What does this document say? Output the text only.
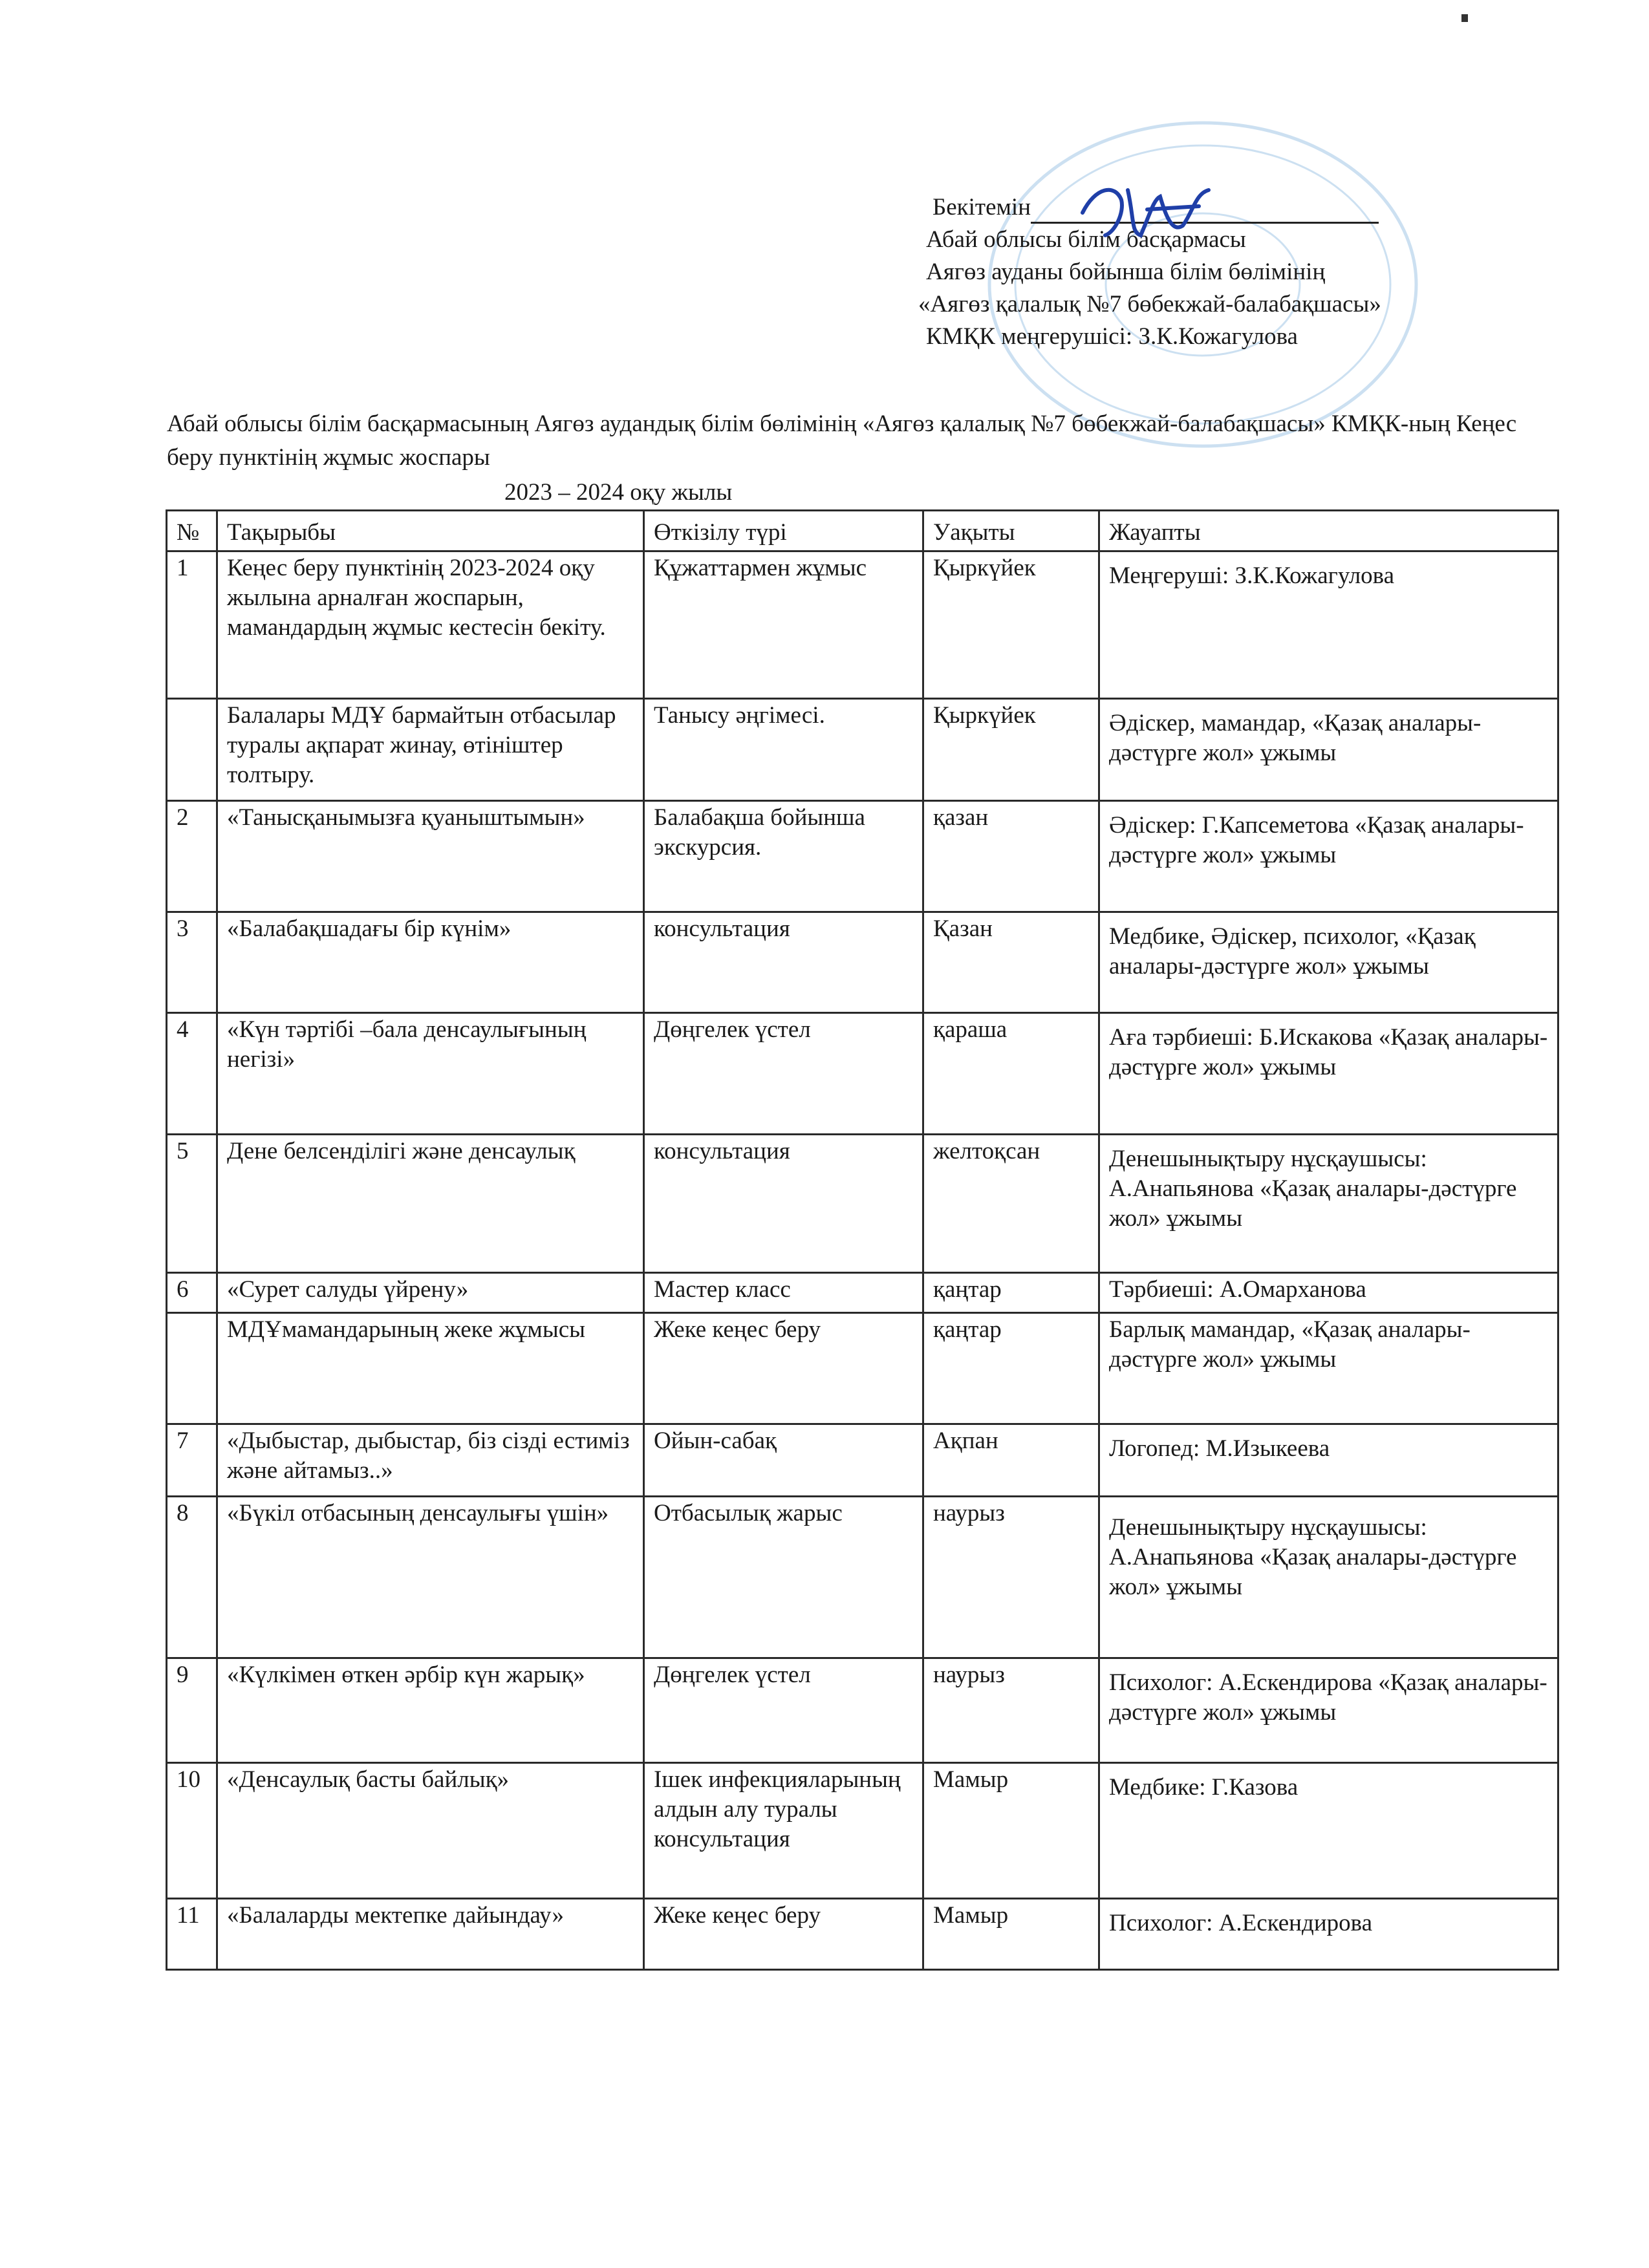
Бекітемін
Абай облысы білім басқармасы
Аягөз ауданы бойынша білім бөлімінің
«Аягөз қалалық №7 бөбекжай-балабақшасы»
КМҚК меңгерушісі: З.К.Кожагулова
Абай облысы білім басқармасының Аягөз аудандық білім бөлімінің «Аягөз қалалық №7 бөбекжай-балабақшасы» КМҚК-ның Кеңес беру пунктінің жұмыс жоспары
2023 – 2024 оқу жылы
№	Тақырыбы	Өткізілу түрі	Уақыты	Жауапты
1	Кеңес беру пунктінің 2023-2024 оқу жылына арналған жоспарын, мамандардың жұмыс кестесін бекіту.	Құжаттармен жұмыс	Қыркүйек	Меңгеруші: З.К.Кожагулова
	Балалары МДҰ бармайтын отбасылар туралы ақпарат жинау, өтініштер толтыру.	Танысу әңгімесі.	Қыркүйек	Әдіскер, мамандар, «Қазақ аналары-дәстүрге жол» ұжымы
2	«Танысқанымызға қуаныштымын»	Балабақша бойынша экскурсия.	қазан	Әдіскер: Г.Капсеметова «Қазақ аналары-дәстүрге жол» ұжымы
3	«Балабақшадағы бір күнім»	консультация	Қазан	Медбике, Әдіскер, психолог, «Қазақ аналары-дәстүрге жол» ұжымы
4	«Күн тәртібі –бала денсаулығының негізі»	Дөңгелек үстел	қараша	Аға тәрбиеші: Б.Искакова «Қазақ аналары-дәстүрге жол» ұжымы
5	Дене белсенділігі және денсаулық	консультация	желтоқсан	Денешынықтыру нұсқаушысы: А.Анапьянова «Қазақ аналары-дәстүрге жол» ұжымы
6	«Сурет салуды үйрену»	Мастер класс	қаңтар	Тәрбиеші: А.Омарханова
	МДҰмамандарының жеке жұмысы	Жеке кеңес беру	қаңтар	Барлық мамандар, «Қазақ аналары-дәстүрге жол» ұжымы
7	«Дыбыстар, дыбыстар, біз сізді естиміз және айтамыз..»	Ойын-сабақ	Ақпан	Логопед: М.Изыкеева
8	«Бүкіл отбасының денсаулығы үшін»	Отбасылық жарыс	наурыз	Денешынықтыру нұсқаушысы: А.Анапьянова «Қазақ аналары-дәстүрге жол» ұжымы
9	«Күлкімен өткен әрбір күн жарық»	Дөңгелек үстел	наурыз	Психолог: А.Ескендирова «Қазақ аналары-дәстүрге жол» ұжымы
10	«Денсаулық басты байлық»	Ішек инфекцияларының алдын алу туралы консультация	Мамыр	Медбике: Г.Казова
11	«Балаларды мектепке дайындау»	Жеке кеңес беру	Мамыр	Психолог: А.Ескендирова
